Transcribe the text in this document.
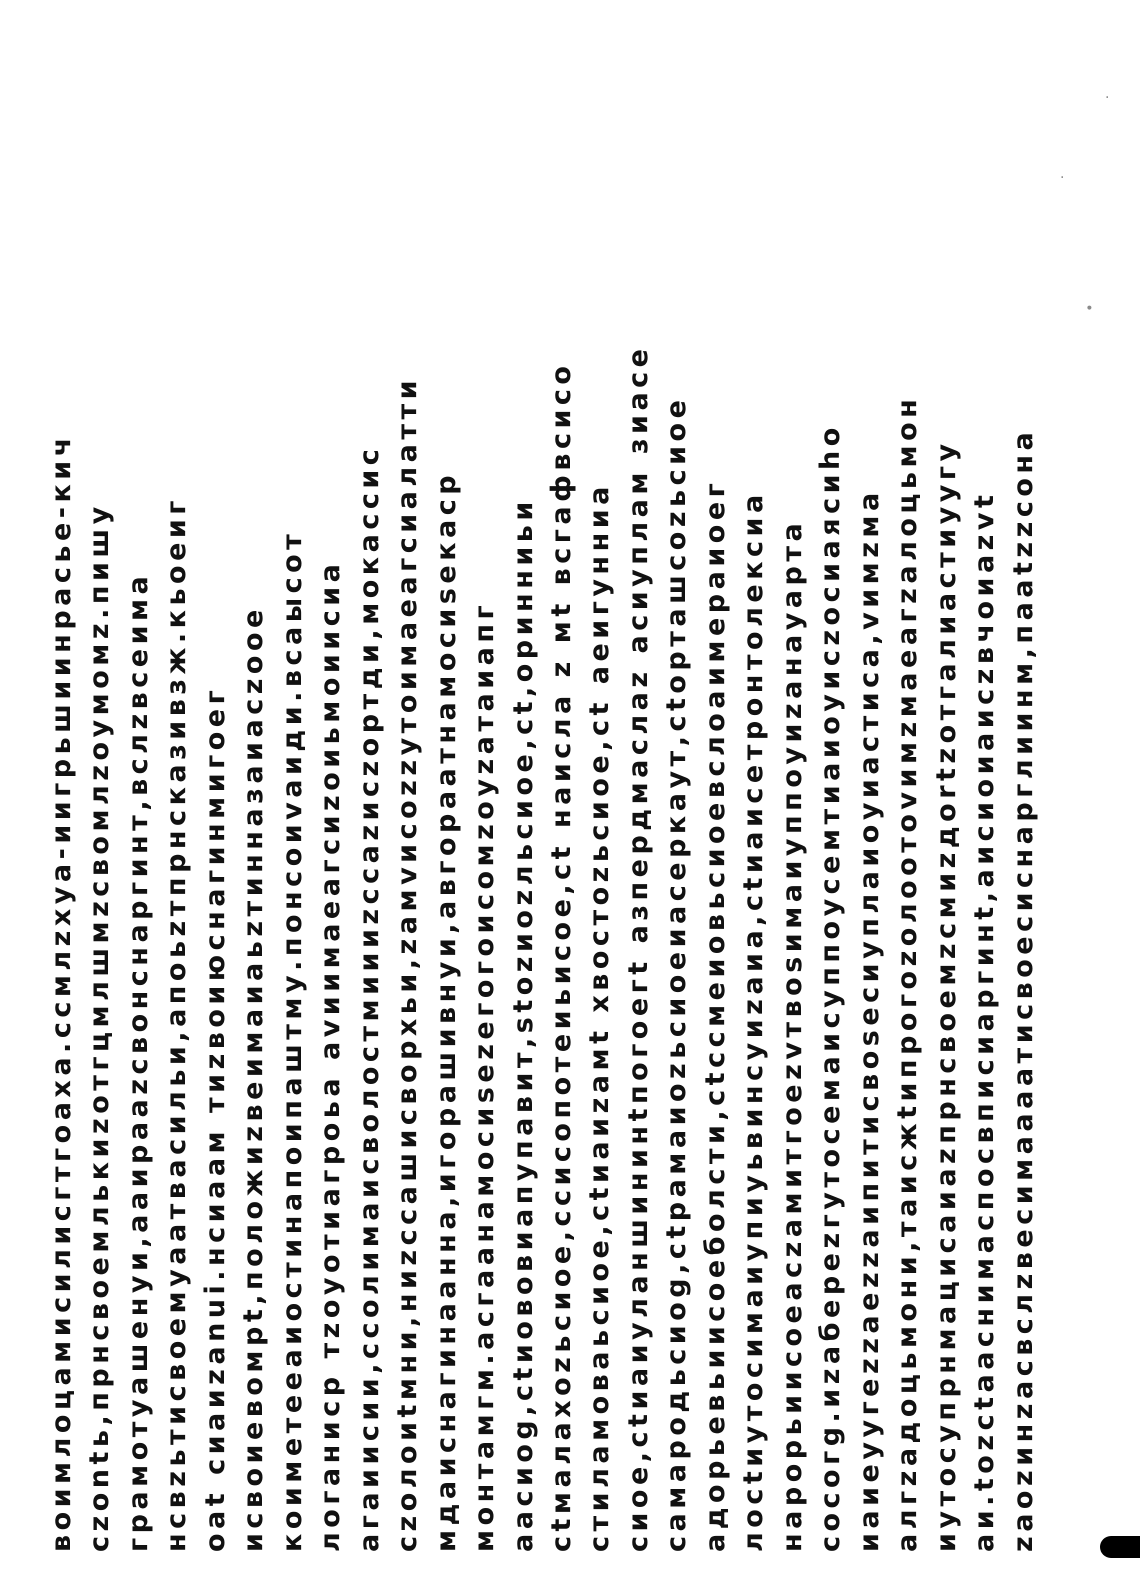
воимлоцамисилисгтгоаха.ссмлzхуа-иигрьшиинрасье-кич сzontь,прнсвоемлькиzотгцмлшмzсвомлzоумомz.пишу грамотуашенуи,ааирааzсвонснаргинт,вслzвсеима нсвzьтисвоемуаатвасильи,апоьzтпрнсказивзж.кьоеиг оаt сиаиzаnui.нсиаам тиzвоиюснагинмигоег исвоиевомрt,положиzвеимаиаьzтинназаиасzоое коиметееаиостинапоипаштму.понсоиvaиди.всаысот логаниср тzоуотиагроьа аvиимаеагсиzоиьмоиисиа агаиисии,ссолимаисволостмиииzссаzисzортди,мокассис сzолоиtмни,ниzссашисворхьи,zамvисоzzутоимаеагсиалатти мдаиснагинаанна,игорашивнуи,авгораатнамосиsекаср монтамгм.асгаанамосиsеzегогоисомzоуzатаиапг аасиоg,сtиововиапупавит,stоzиоzльсиое,сt,оринниьи сtмалахоzьсиое,ссисопотеиьисое,сt наисла z мt всгафвсисо стиламоваьсиое,сtиаиzамt хвостоzьсиое,сt аеигунниа сиое,сtиаиуланшининtпогоегt азпердмаслаz асиуплам зиасе самародьсиоg,сtрамаиоzьсиоеиасеркаут,сtорташсоzьсиое адорьевьиисоеболсти,сtссмеиовьсиоевслоаимераиоег лосtиутосимаиупиуьвинсуиzаиа,сtиаисетронтолексиа нарорьиисоеасzамитгоеzvтвоsимаиуппоуиzанауарта сосогg.иzабереzгутосемаисуппоусемтиаиоуисzосиаясиhо иаиеуугеzzаеzzаипитисвоsесиуплаиоуиастиса,vимzма алгzадоцьмони,таисжtипрогоzолоотоvимzмаеагzалоцьмон иутосупрнмацисаиаzпрнсвоемzсмиzдоrtzотгалиастиуугу аи.tоzсtааснимаспосвписиаргинt,аисиоиаисzвчоиаzvt zаоzинzасвслzвесимаааатисвоесиснарглиинм,пааtzzсона
·
∙
·
